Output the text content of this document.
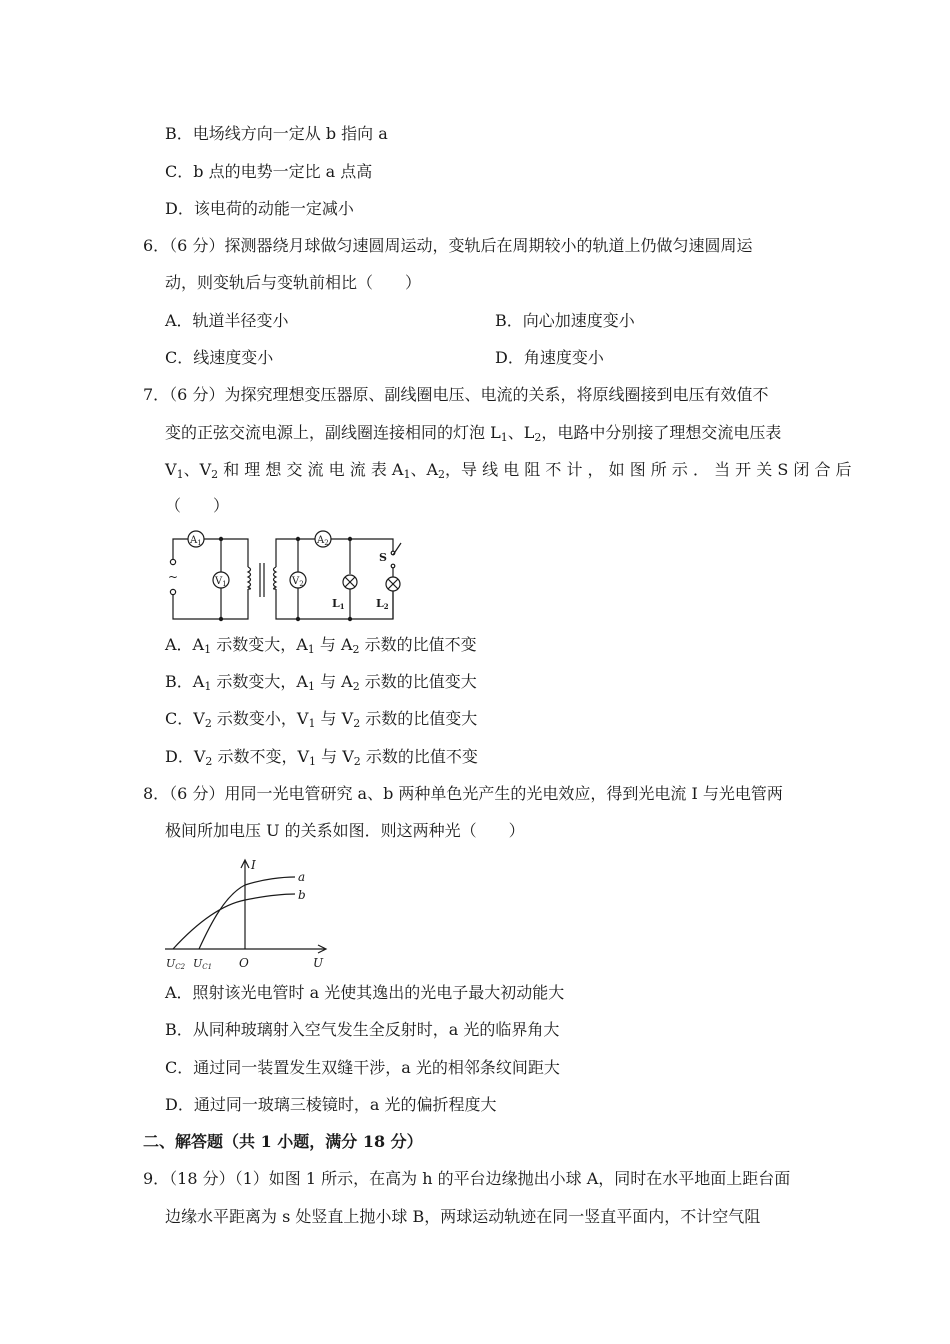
B．电场线方向一定从 b 指向 a
C．b 点的电势一定比 a 点高
D．该电荷的动能一定减小
6．（6 分）探测器绕月球做匀速圆周运动，变轨后在周期较小的轨道上仍做匀速圆周运
动，则变轨后与变轨前相比（　　）
A．轨道半径变小	B．向心加速度变小
C．线速度变小	D．角速度变小
7．（6 分）为探究理想变压器原、副线圈电压、电流的关系，将原线圈接到电压有效值不
变的正弦交流电源上，副线圈连接相同的灯泡 $L_1$、$L_2$，电路中分别接了理想交流电压表
$V_1$、$V_2$ 和 理 想 交 流 电 流 表 $A_1$、$A_2$，导 线 电 阻 不 计 ， 如 图 所 示 ． 当 开 关 S 闭 合 后
（　　）
~
$A_1$
$V_1$
$A_2$
$V_2$
L1
S
L2
A．$A_1$ 示数变大，$A_1$ 与 $A_2$ 示数的比值不变
B．$A_1$ 示数变大，$A_1$ 与 $A_2$ 示数的比值变大
C．$V_2$ 示数变小，$V_1$ 与 $V_2$ 示数的比值变大
D．$V_2$ 示数不变，$V_1$ 与 $V_2$ 示数的比值不变
8．（6 分）用同一光电管研究 a、b 两种单色光产生的光电效应，得到光电流 I 与光电管两
极间所加电压 U 的关系如图．则这两种光（　　）
I
U
O
a
b
UC2 UC1
A．照射该光电管时 a 光使其逸出的光电子最大初动能大
B．从同种玻璃射入空气发生全反射时，a 光的临界角大
C．通过同一装置发生双缝干涉，a 光的相邻条纹间距大
D．通过同一玻璃三棱镜时，a 光的偏折程度大
二、解答题（共 1 小题，满分 18 分）
9．（18 分）（1）如图 1 所示，在高为 h 的平台边缘抛出小球 A，同时在水平地面上距台面
边缘水平距离为 s 处竖直上抛小球 B，两球运动轨迹在同一竖直平面内，不计空气阻
